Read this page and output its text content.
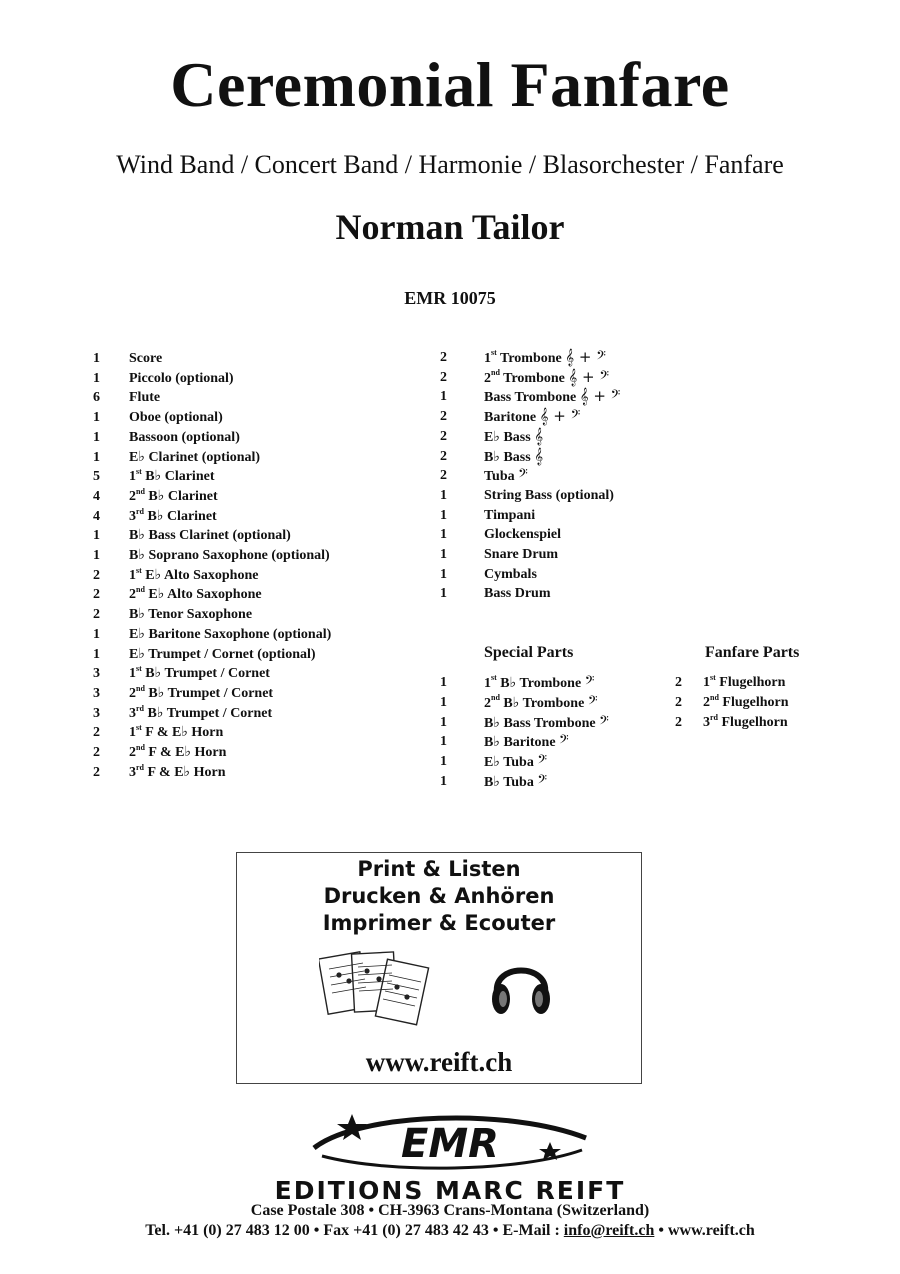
Ceremonial Fanfare
Wind Band / Concert Band / Harmonie / Blasorchester / Fanfare
Norman Tailor
EMR 10075
1 Score
1 Piccolo (optional)
6 Flute
1 Oboe (optional)
1 Bassoon (optional)
1 E♭ Clarinet (optional)
5 1st B♭ Clarinet
4 2nd B♭ Clarinet
4 3rd B♭ Clarinet
1 B♭ Bass Clarinet (optional)
1 B♭ Soprano Saxophone (optional)
2 1st E♭ Alto Saxophone
2 2nd E♭ Alto Saxophone
2 B♭ Tenor Saxophone
1 E♭ Baritone Saxophone (optional)
1 E♭ Trumpet / Cornet (optional)
3 1st B♭ Trumpet / Cornet
3 2nd B♭ Trumpet / Cornet
3 3rd B♭ Trumpet / Cornet
2 1st F & E♭ Horn
2 2nd F & E♭ Horn
2 3rd F & E♭ Horn
2	1st Trombone 𝄞 + 𝄢
2	2nd Trombone 𝄞 + 𝄢
1	Bass Trombone 𝄞 + 𝄢
2	Baritone 𝄞 + 𝄢
2	E♭ Bass 𝄞
2	B♭ Bass 𝄞
2	Tuba 𝄢
1	String Bass (optional)
1	Timpani
1	Glockenspiel
1	Snare Drum
1	Cymbals
1	Bass Drum
Special Parts
1	1st B♭ Trombone 𝄢
1	2nd B♭ Trombone 𝄢
1	B♭ Bass Trombone 𝄢
1	B♭ Baritone 𝄢
1	E♭ Tuba 𝄢
1	B♭ Tuba 𝄢
Fanfare Parts
2 1st Flugelhorn
2 2nd Flugelhorn
2 3rd Flugelhorn
Print & Listen
Drucken & Anhören
Imprimer & Ecouter
www.reift.ch
EMR
EDITIONS MARC REIFT
Case Postale 308 • CH-3963 Crans-Montana (Switzerland)
Tel. +41 (0) 27 483 12 00 • Fax +41 (0) 27 483 42 43 • E-Mail : info@reift.ch • www.reift.ch
